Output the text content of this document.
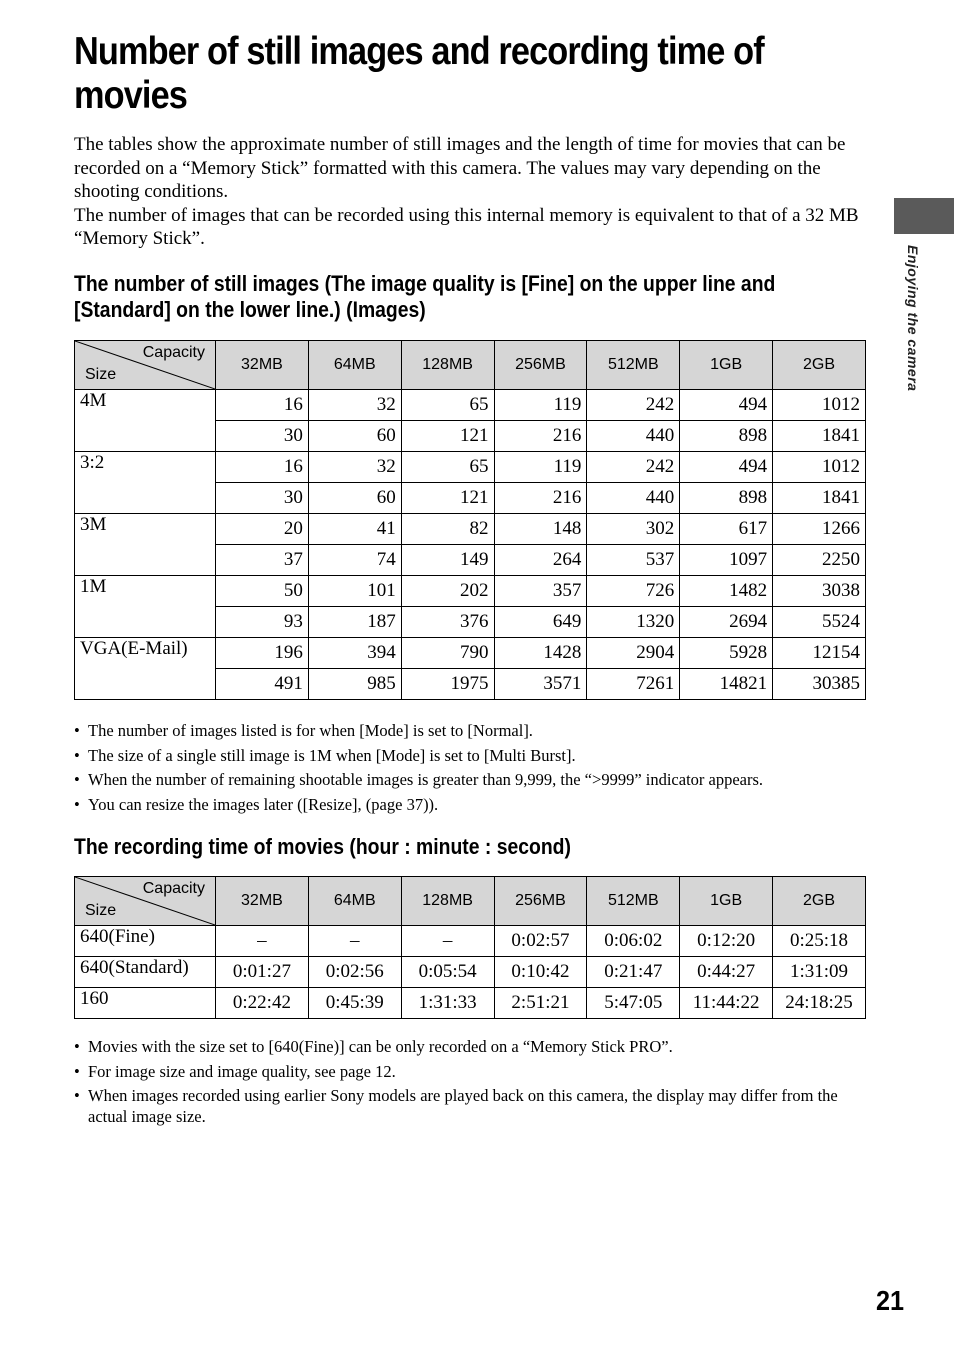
Number of still images and recording time of movies

The tables show the approximate number of still images and the length of time for movies that can be recorded on a “Memory Stick” formatted with this camera. The values may vary depending on the shooting conditions.

The number of images that can be recorded using this internal memory is equivalent to that of a 32 MB “Memory Stick”.

The number of still images (The image quality is [Fine] on the upper line and [Standard] on the lower line.) (Images)
Capacity
Size	32MB	64MB	128MB	256MB	512MB	1GB	2GB
4M	16	32	65	119	242	494	1012
	30	60	121	216	440	898	1841
3:2	16	32	65	119	242	494	1012
	30	60	121	216	440	898	1841
3M	20	41	82	148	302	617	1266
	37	74	149	264	537	1097	2250
1M	50	101	202	357	726	1482	3038
	93	187	376	649	1320	2694	5524
VGA(E-Mail)	196	394	790	1428	2904	5928	12154
	491	985	1975	3571	7261	14821	30385
• The number of images listed is for when [Mode] is set to [Normal].
• The size of a single still image is 1M when [Mode] is set to [Multi Burst].
• When the number of remaining shootable images is greater than 9,999, the “>9999” indicator appears.
• You can resize the images later ([Resize], (page 37)).
The recording time of movies (hour : minute : second)
Capacity
Size	32MB	64MB	128MB	256MB	512MB	1GB	2GB
640(Fine)	–	–	–	0:02:57	0:06:02	0:12:20	0:25:18
640(Standard)	0:01:27	0:02:56	0:05:54	0:10:42	0:21:47	0:44:27	1:31:09
160	0:22:42	0:45:39	1:31:33	2:51:21	5:47:05	11:44:22	24:18:25
• Movies with the size set to [640(Fine)] can be only recorded on a “Memory Stick PRO”.
• For image size and image quality, see page 12.
• When images recorded using earlier Sony models are played back on this camera, the display may differ from the actual image size.
Enjoying the camera
21
